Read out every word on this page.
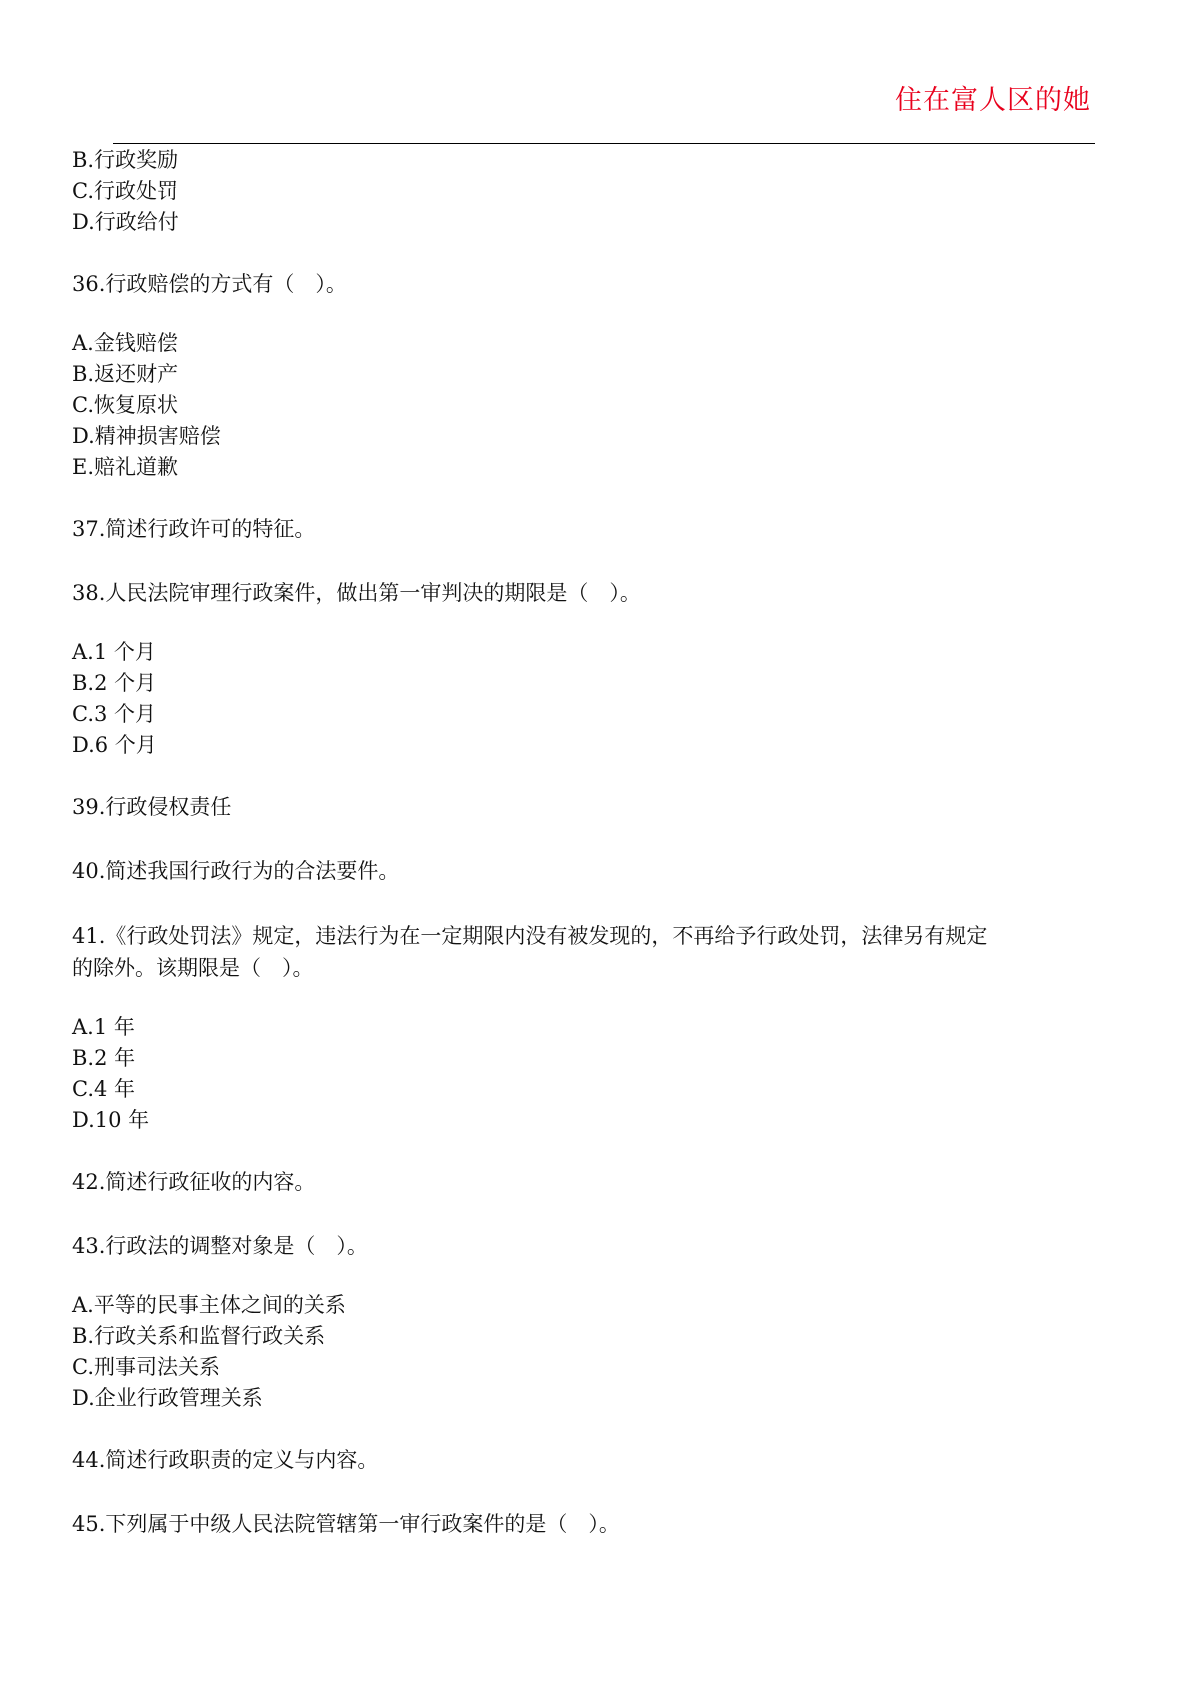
住在富人区的她
B.行政奖励
C.行政处罚
D.行政给付
36.行政赔偿的方式有（　）。
A.金钱赔偿
B.返还财产
C.恢复原状
D.精神损害赔偿
E.赔礼道歉
37.简述行政许可的特征。
38.人民法院审理行政案件，做出第一审判决的期限是（　）。
A.1 个月
B.2 个月
C.3 个月
D.6 个月
39.行政侵权责任
40.简述我国行政行为的合法要件。
41.《行政处罚法》规定，违法行为在一定期限内没有被发现的，不再给予行政处罚，法律另有规定
的除外。该期限是（　）。
A.1 年
B.2 年
C.4 年
D.10 年
42.简述行政征收的内容。
43.行政法的调整对象是（　）。
A.平等的民事主体之间的关系
B.行政关系和监督行政关系
C.刑事司法关系
D.企业行政管理关系
44.简述行政职责的定义与内容。
45.下列属于中级人民法院管辖第一审行政案件的是（　）。
